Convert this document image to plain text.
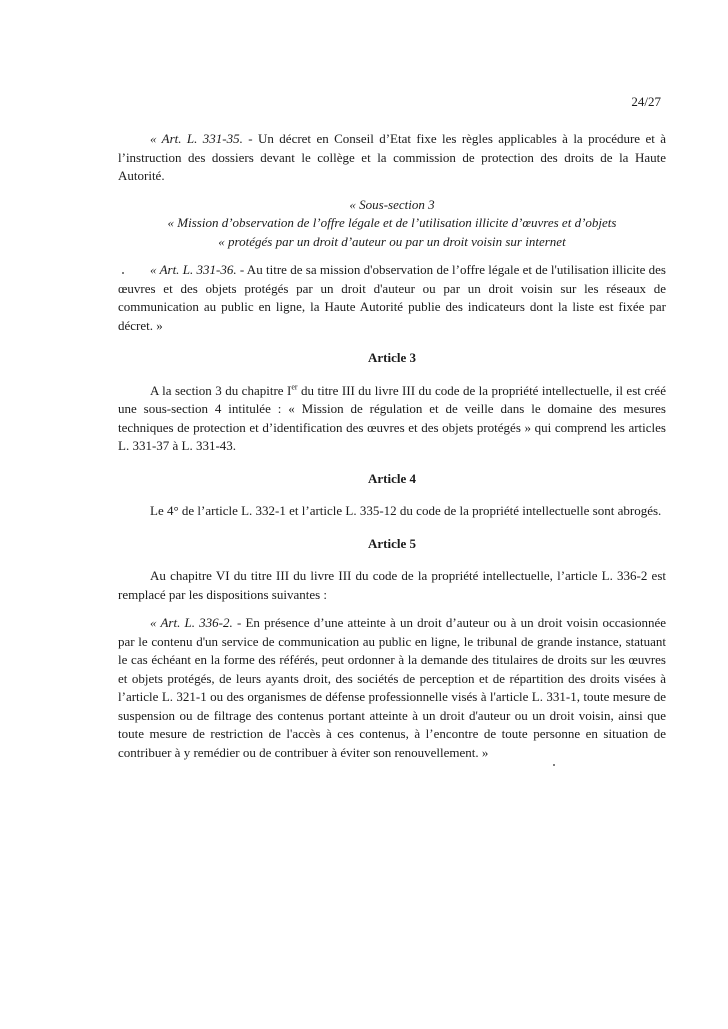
24/27

« Art. L. 331-35. - Un décret en Conseil d’Etat fixe les règles applicables à la procédure et à l’instruction des dossiers devant le collège et la commission de protection des droits de la Haute Autorité.

« Sous-section 3

« Mission d’observation de l’offre légale et de l’utilisation illicite d’œuvres et d’objets

« protégés par un droit d’auteur ou par un droit voisin sur internet

« Art. L. 331-36. - Au titre de sa mission d'observation de l’offre légale et de l'utilisation illicite des œuvres et des objets protégés par un droit d'auteur ou par un droit voisin sur les réseaux de communication au public en ligne, la Haute Autorité publie des indicateurs dont la liste est fixée par décret. »

Article 3

A la section 3 du chapitre Ier du titre III du livre III du code de la propriété intellectuelle, il est créé une sous-section 4 intitulée : « Mission de régulation et de veille dans le domaine des mesures techniques de protection et d’identification des œuvres et des objets protégés » qui comprend les articles L. 331-37 à L. 331-43.

Article 4

Le 4° de l’article L. 332-1 et l’article L. 335-12 du code de la propriété intellectuelle sont abrogés.

Article 5

Au chapitre VI du titre III du livre III du code de la propriété intellectuelle, l’article L. 336-2 est remplacé par les dispositions suivantes :

« Art. L. 336-2. - En présence d’une atteinte à un droit d’auteur ou à un droit voisin occasionnée par le contenu d'un service de communication au public en ligne, le tribunal de grande instance, statuant le cas échéant en la forme des référés, peut ordonner à la demande des titulaires de droits sur les œuvres et objets protégés, de leurs ayants droit, des sociétés de perception et de répartition des droits visées à l’article L. 321-1 ou des organismes de défense professionnelle visés à l'article L. 331-1, toute mesure de suspension ou de filtrage des contenus portant atteinte à un droit d'auteur ou un droit voisin, ainsi que toute mesure de restriction de l'accès à ces contenus, à l’encontre de toute personne en situation de contribuer à y remédier ou de contribuer à éviter son renouvellement. »
